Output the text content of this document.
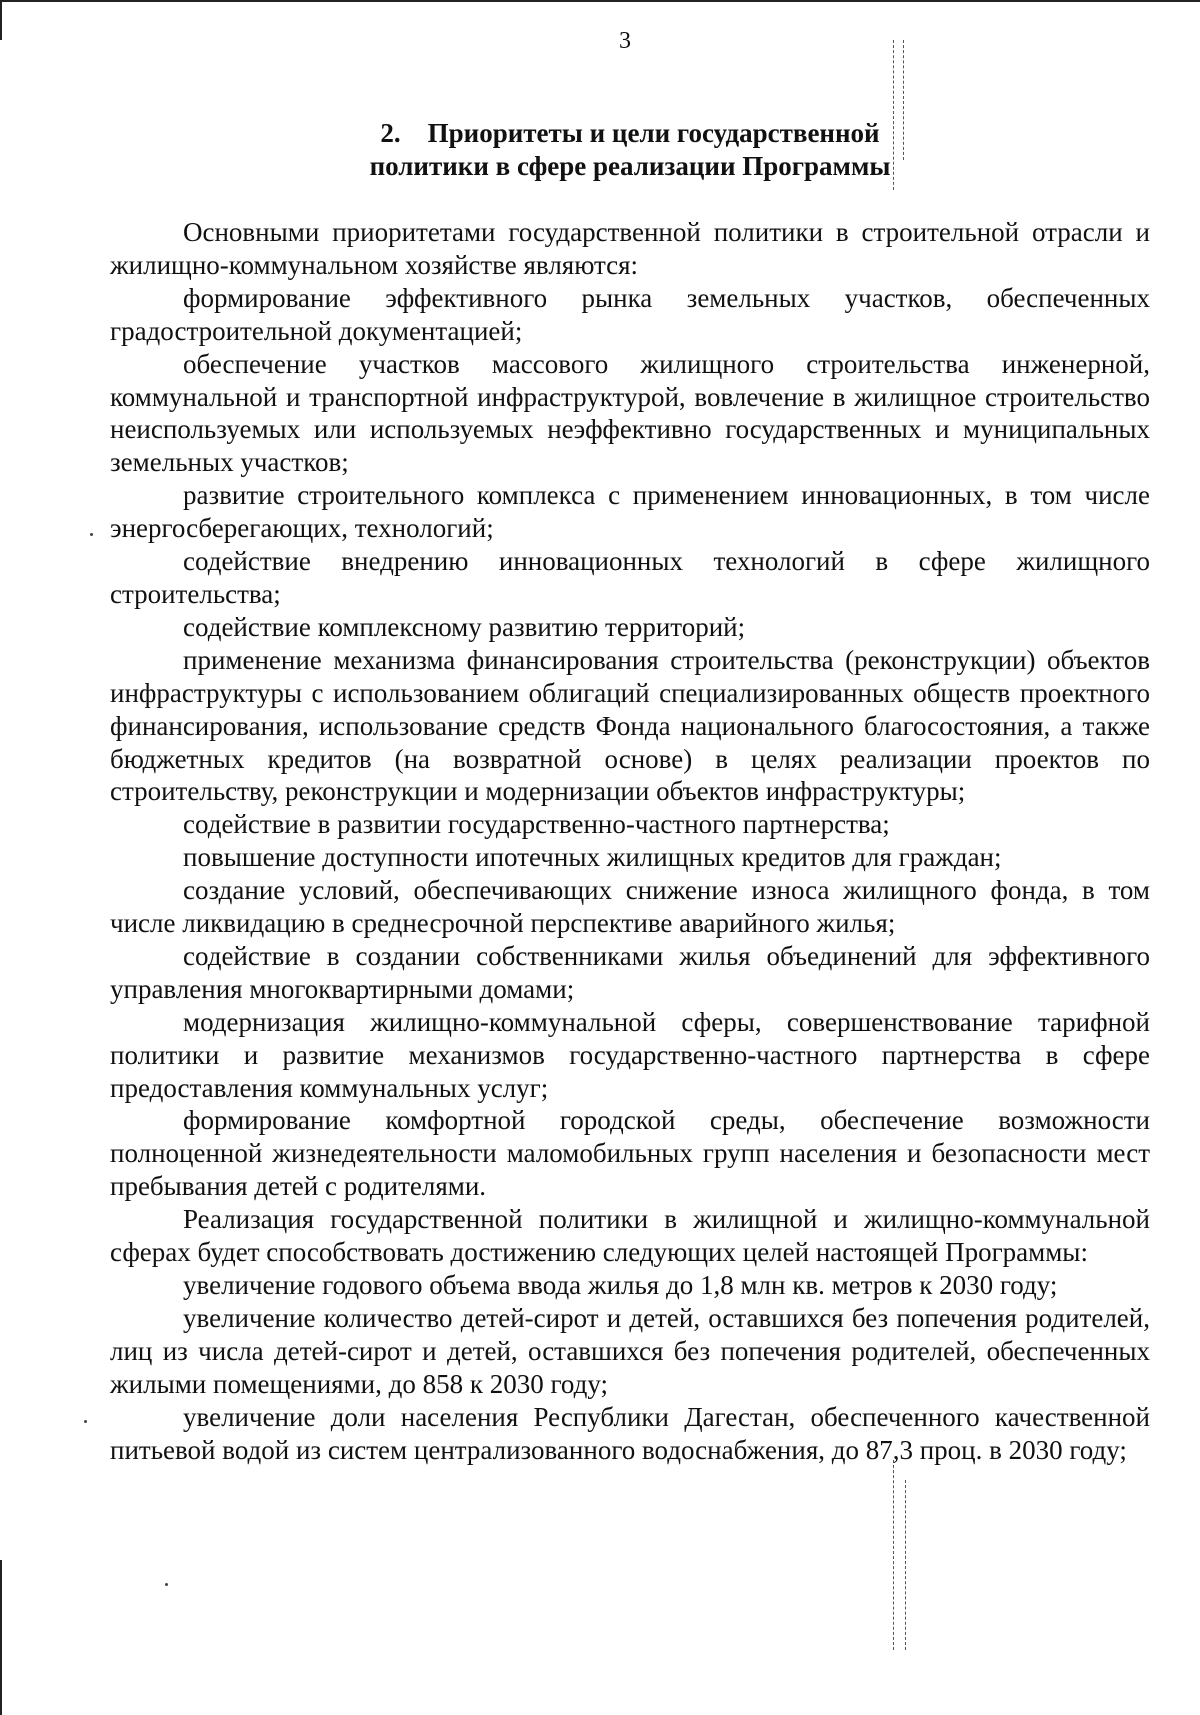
3
2. Приоритеты и цели государственной
политики в сфере реализации Программы

Основными приоритетами государственной политики в строительной отрасли и жилищно-коммунальном хозяйстве являются:

формирование эффективного рынка земельных участков, обеспеченных градостроительной документацией;

обеспечение участков массового жилищного строительства инженерной, коммунальной и транспортной инфраструктурой, вовлечение в жилищное строительство неиспользуемых или используемых неэффективно государственных и муниципальных земельных участков;

развитие строительного комплекса с применением инновационных, в том числе энергосберегающих, технологий;

содействие внедрению инновационных технологий в сфере жилищного строительства;

содействие комплексному развитию территорий;

применение механизма финансирования строительства (реконструкции) объектов инфраструктуры с использованием облигаций специализированных обществ проектного финансирования, использование средств Фонда национального благосостояния, а также бюджетных кредитов (на возвратной основе) в целях реализации проектов по строительству, реконструкции и модернизации объектов инфраструктуры;

содействие в развитии государственно-частного партнерства;

повышение доступности ипотечных жилищных кредитов для граждан;

создание условий, обеспечивающих снижение износа жилищного фонда, в том числе ликвидацию в среднесрочной перспективе аварийного жилья;

содействие в создании собственниками жилья объединений для эффективного управления многоквартирными домами;

модернизация жилищно-коммунальной сферы, совершенствование тарифной политики и развитие механизмов государственно-частного партнерства в сфере предоставления коммунальных услуг;

формирование комфортной городской среды, обеспечение возможности полноценной жизнедеятельности маломобильных групп населения и безопасности мест пребывания детей с родителями.

Реализация государственной политики в жилищной и жилищно-коммунальной сферах будет способствовать достижению следующих целей настоящей Программы:

увеличение годового объема ввода жилья до 1,8 млн кв. метров к 2030 году;

увеличение количество детей-сирот и детей, оставшихся без попечения родителей, лиц из числа детей-сирот и детей, оставшихся без попечения родителей, обеспеченных жилыми помещениями, до 858 к 2030 году;

увеличение доли населения Республики Дагестан, обеспеченного качественной питьевой водой из систем централизованного водоснабжения, до 87,3 проц. в 2030 году;
